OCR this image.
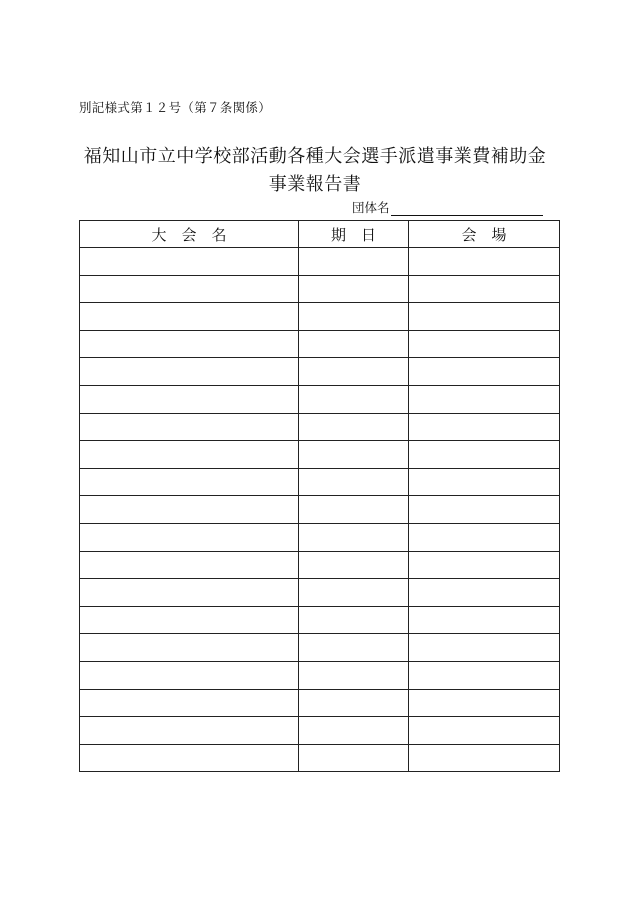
別記様式第１２号（第７条関係）
福知山市立中学校部活動各種大会選手派遣事業費補助金
事業報告書
団体名
大　会　名	期　日	会　場
